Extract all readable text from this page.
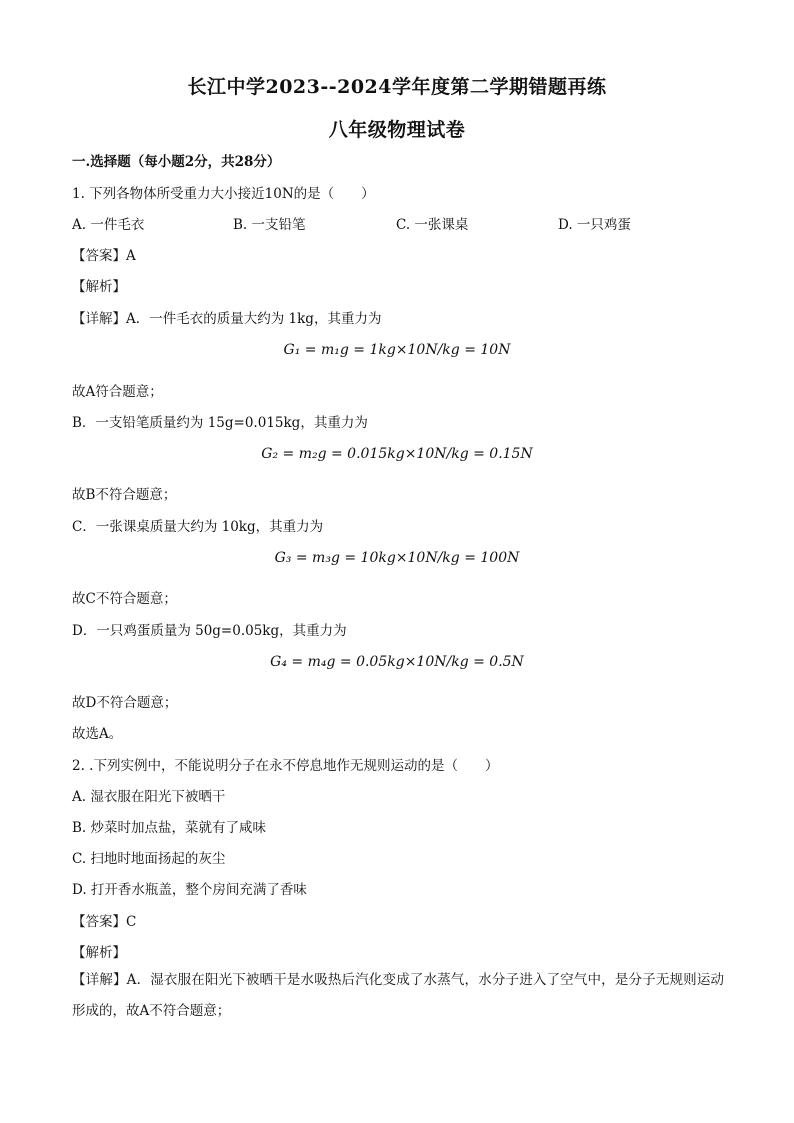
长江中学2023--2024学年度第二学期错题再练
八年级物理试卷
一.选择题（每小题2分，共28分）
1. 下列各物体所受重力大小接近10N的是（　　）
A. 一件毛衣	B. 一支铅笔	C. 一张课桌	D. 一只鸡蛋
【答案】A
【解析】
【详解】A．一件毛衣的质量大约为 1kg，其重力为
G₁ = m₁g = 1kg×10N/kg = 10N
故A符合题意；
B．一支铅笔质量约为 15g=0.015kg，其重力为
G₂ = m₂g = 0.015kg×10N/kg = 0.15N
故B不符合题意；
C．一张课桌质量大约为 10kg，其重力为
G₃ = m₃g = 10kg×10N/kg = 100N
故C不符合题意；
D．一只鸡蛋质量为 50g=0.05kg，其重力为
G₄ = m₄g = 0.05kg×10N/kg = 0.5N
故D不符合题意；
故选A。
2. .下列实例中，不能说明分子在永不停息地作无规则运动的是（　　）
A. 湿衣服在阳光下被晒干
B. 炒菜时加点盐，菜就有了咸味
C. 扫地时地面扬起的灰尘
D. 打开香水瓶盖，整个房间充满了香味
【答案】C
【解析】
【详解】A．湿衣服在阳光下被晒干是水吸热后汽化变成了水蒸气，水分子进入了空气中，是分子无规则运动形成的，故A不符合题意；
